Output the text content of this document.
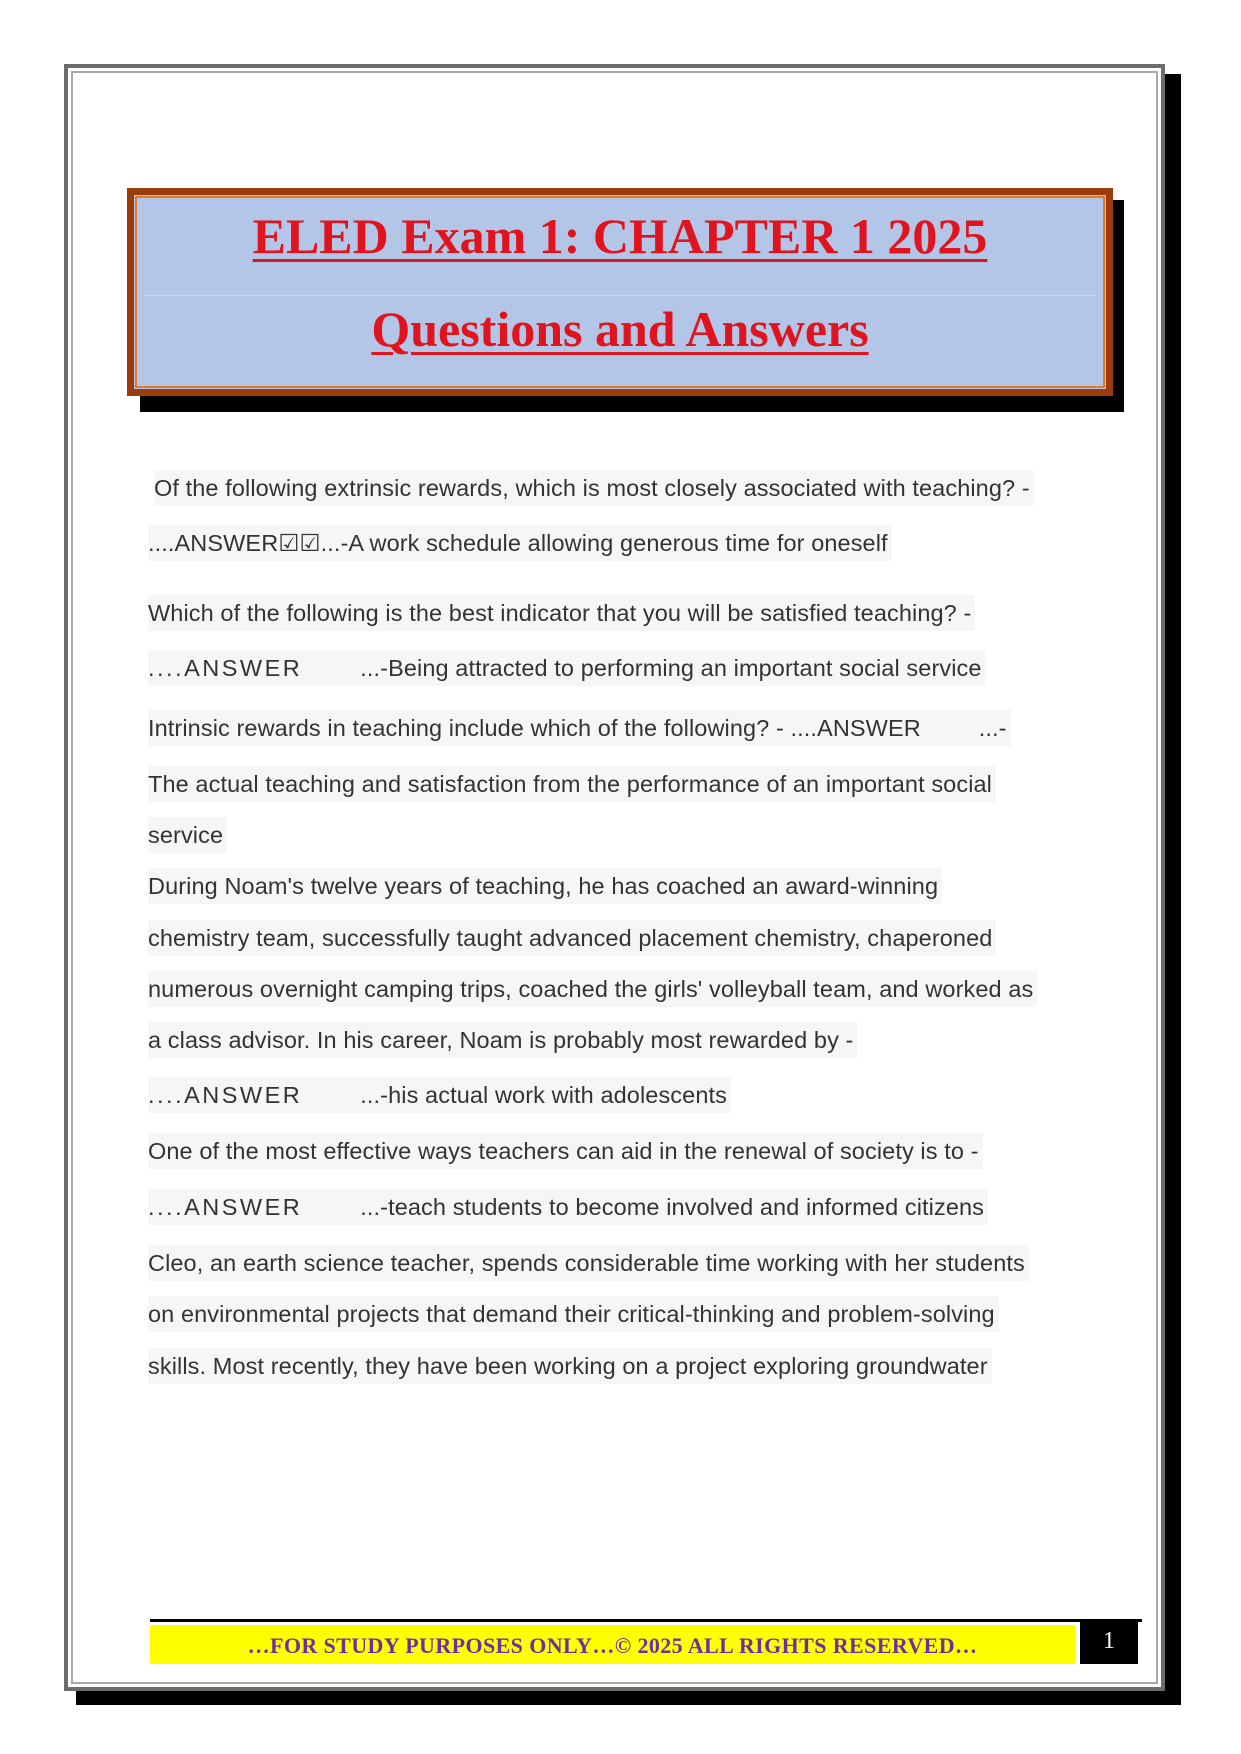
ELED Exam 1: CHAPTER 1 2025
Questions and Answers
Of the following extrinsic rewards, which is most closely associated with teaching? -
....ANSWER☑☑...-A work schedule allowing generous time for oneself
Which of the following is the best indicator that you will be satisfied teaching? -
....ANSWER ...-Being attracted to performing an important social service
Intrinsic rewards in teaching include which of the following? - ....ANSWER ...-
The actual teaching and satisfaction from the performance of an important social
service
During Noam's twelve years of teaching, he has coached an award-winning
chemistry team, successfully taught advanced placement chemistry, chaperoned
numerous overnight camping trips, coached the girls' volleyball team, and worked as
a class advisor. In his career, Noam is probably most rewarded by -
....ANSWER ...-his actual work with adolescents
One of the most effective ways teachers can aid in the renewal of society is to -
....ANSWER ...-teach students to become involved and informed citizens
Cleo, an earth science teacher, spends considerable time working with her students
on environmental projects that demand their critical-thinking and problem-solving
skills. Most recently, they have been working on a project exploring groundwater
…FOR STUDY PURPOSES ONLY…© 2025 ALL RIGHTS RESERVED…	1
